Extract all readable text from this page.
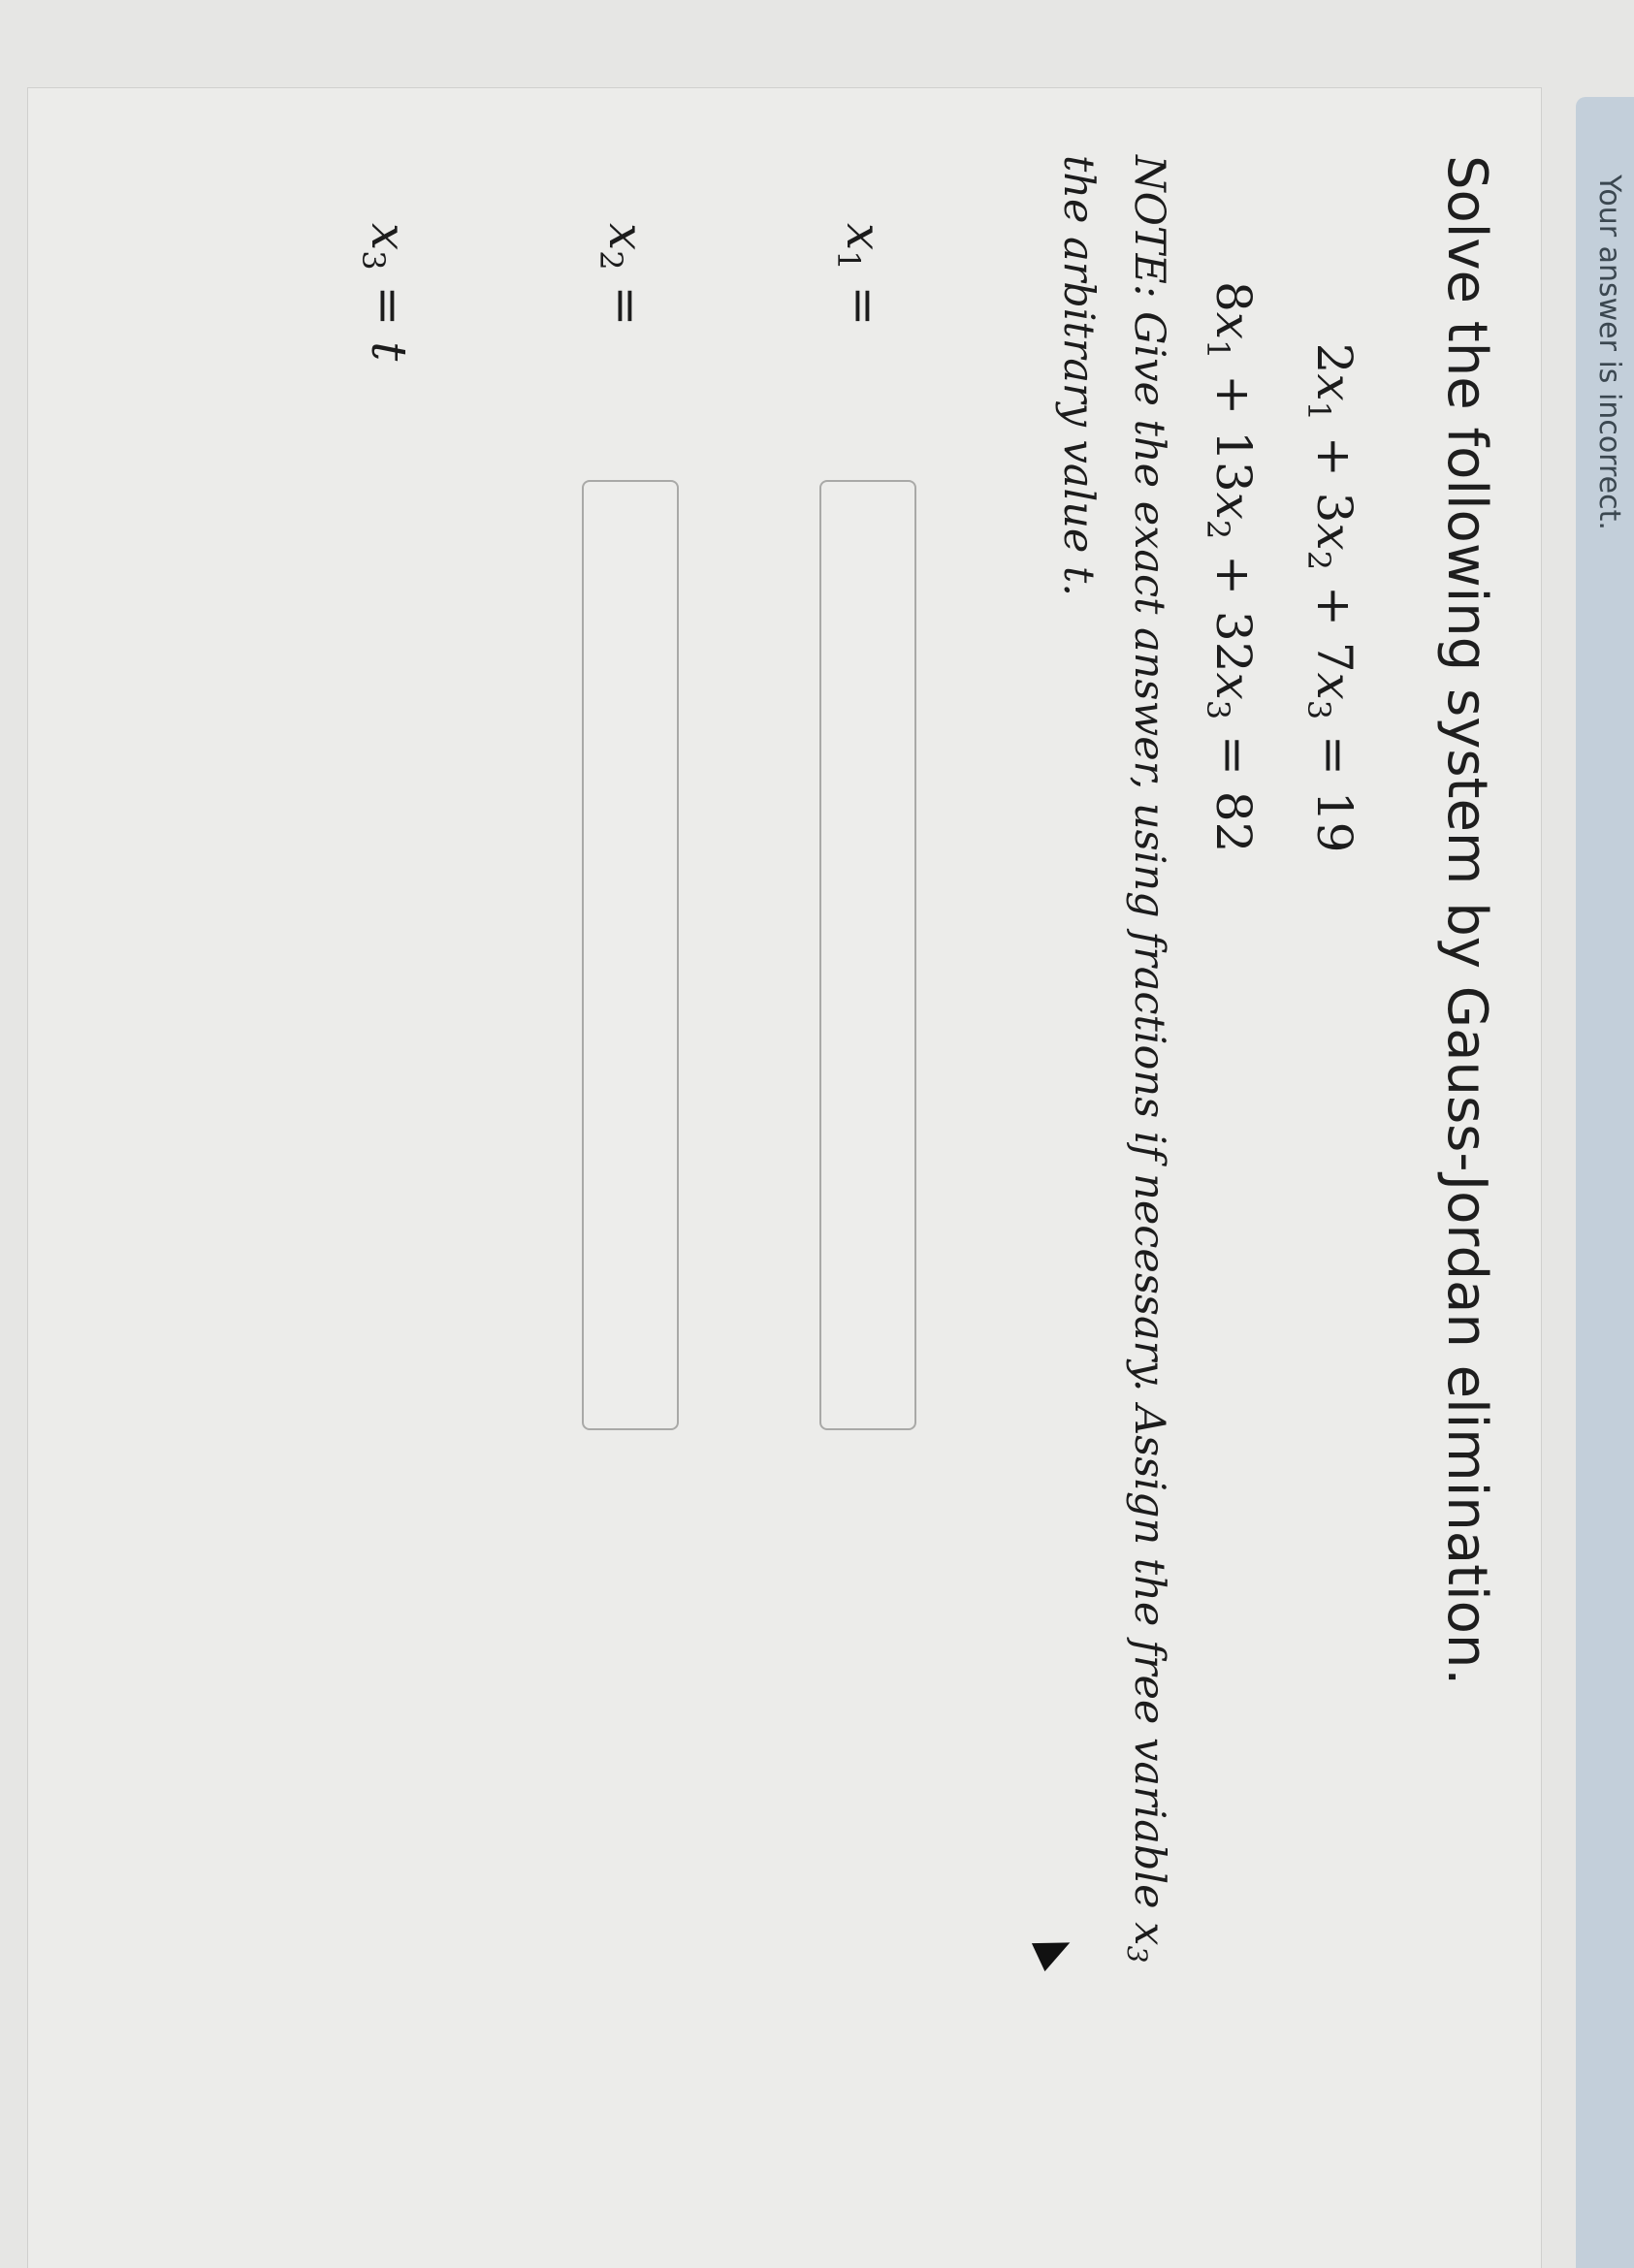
Your answer is incorrect.
Solve the following system by Gauss-Jordan elimination.
$2x_1 + 3x_2 + 7x_3 = 19$
$8x_1 + 13x_2 + 32x_3 = 82$
NOTE: Give the exact answer, using fractions if necessary. Assign the free variable $x_3$ the arbitrary value t.
$x_1$ =
$x_2$ =
$x_3 = t$
